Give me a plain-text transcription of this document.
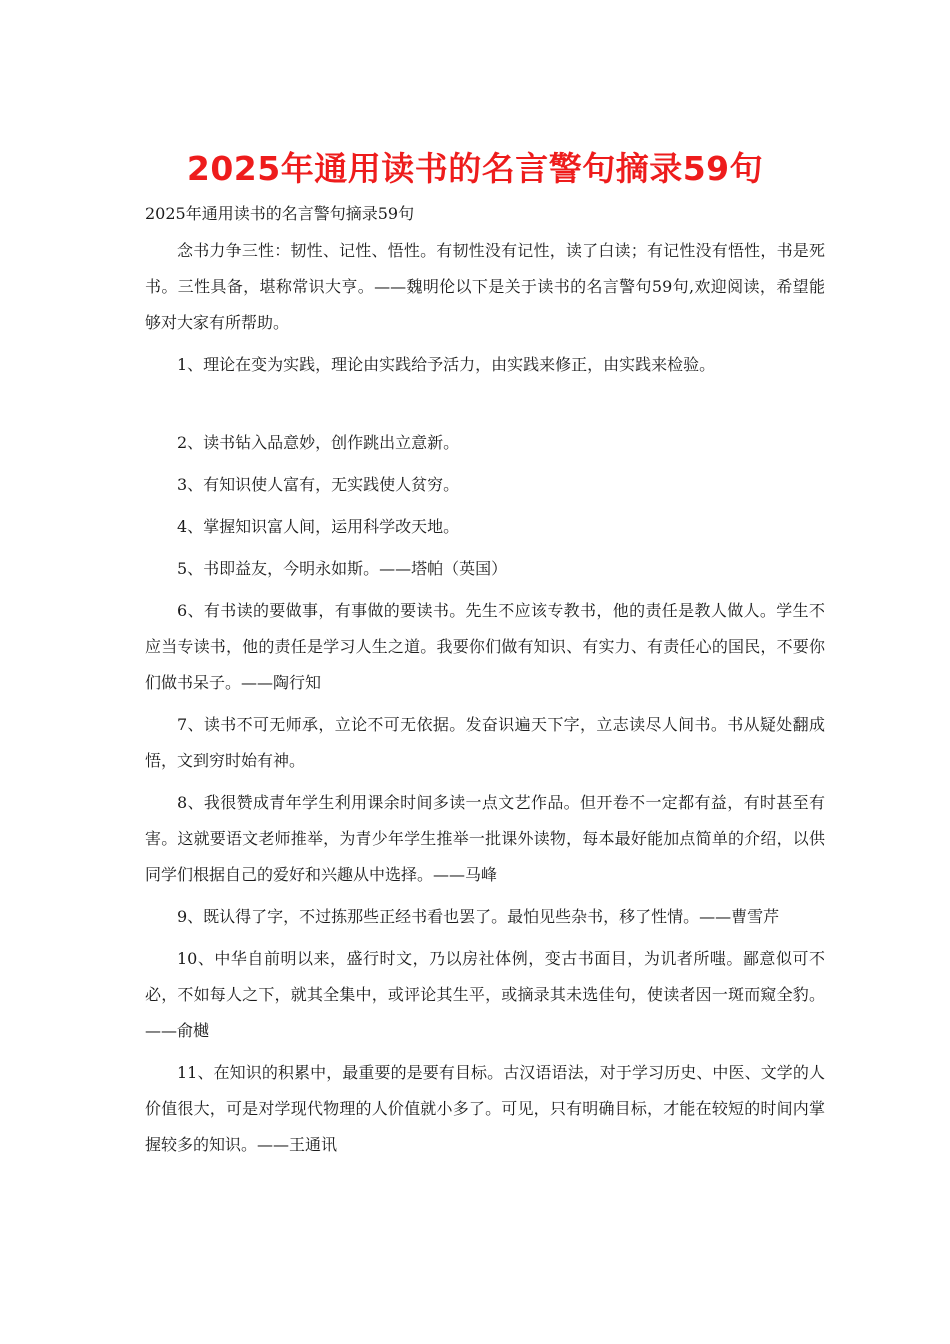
2025年通用读书的名言警句摘录59句

2025年通用读书的名言警句摘录59句

念书力争三性：韧性、记性、悟性。有韧性没有记性，读了白读；有记性没有悟性，书是死书。三性具备，堪称常识大亨。——魏明伦以下是关于读书的名言警句59句,欢迎阅读，希望能够对大家有所帮助。

1、理论在变为实践，理论由实践给予活力，由实践来修正，由实践来检验。

2、读书钻入品意妙，创作跳出立意新。

3、有知识使人富有，无实践使人贫穷。

4、掌握知识富人间，运用科学改天地。

5、书即益友，今明永如斯。——塔帕（英国）

6、有书读的要做事，有事做的要读书。先生不应该专教书，他的责任是教人做人。学生不应当专读书，他的责任是学习人生之道。我要你们做有知识、有实力、有责任心的国民，不要你们做书呆子。——陶行知

7、读书不可无师承，立论不可无依据。发奋识遍天下字，立志读尽人间书。书从疑处翻成悟，文到穷时始有神。

8、我很赞成青年学生利用课余时间多读一点文艺作品。但开卷不一定都有益，有时甚至有害。这就要语文老师推举，为青少年学生推举一批课外读物，每本最好能加点简单的介绍，以供同学们根据自己的爱好和兴趣从中选择。——马峰

9、既认得了字，不过拣那些正经书看也罢了。最怕见些杂书，移了性情。——曹雪芹

10、中华自前明以来，盛行时文，乃以房社体例，变古书面目，为讥者所嗤。鄙意似可不必，不如每人之下，就其全集中，或评论其生平，或摘录其未选佳句，使读者因一斑而窥全豹。——俞樾

11、在知识的积累中，最重要的是要有目标。古汉语语法，对于学习历史、中医、文学的人价值很大，可是对学现代物理的人价值就小多了。可见，只有明确目标，才能在较短的时间内掌握较多的知识。——王通讯
